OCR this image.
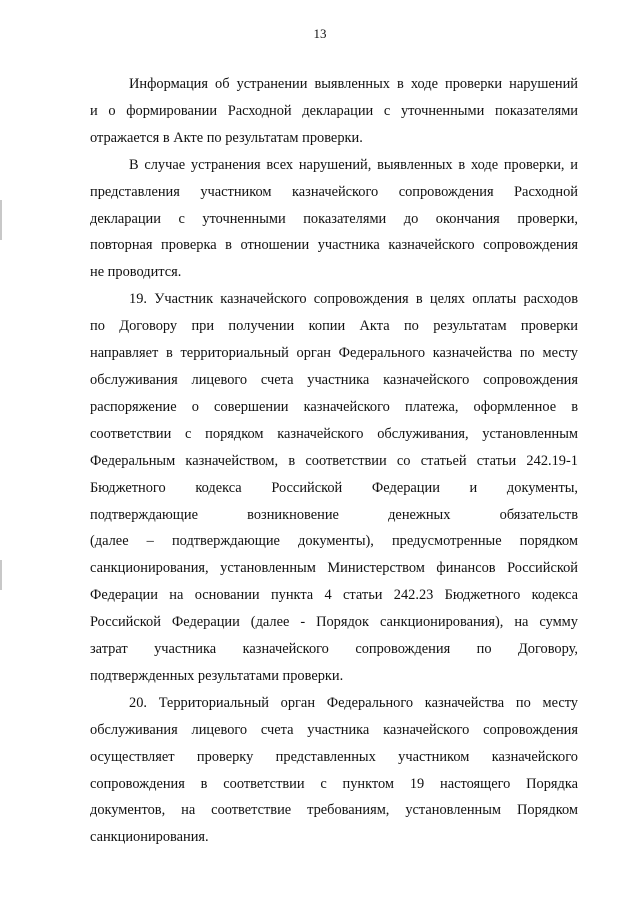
13
Информация об устранении выявленных в ходе проверки нарушений
и о формировании Расходной декларации с уточненными показателями
отражается в Акте по результатам проверки.
В случае устранения всех нарушений, выявленных в ходе проверки, и
представления участником казначейского сопровождения Расходной
декларации с уточненными показателями до окончания проверки,
повторная проверка в отношении участника казначейского сопровождения
не проводится.
19. Участник казначейского сопровождения в целях оплаты расходов
по Договору при получении копии Акта по результатам проверки
направляет в территориальный орган Федерального казначейства по месту
обслуживания лицевого счета участника казначейского сопровождения
распоряжение о совершении казначейского платежа, оформленное в
соответствии с порядком казначейского обслуживания, установленным
Федеральным казначейством, в соответствии со статьей статьи 242.19-1
Бюджетного кодекса Российской Федерации и документы,
подтверждающие возникновение денежных обязательств
(далее – подтверждающие документы), предусмотренные порядком
санкционирования, установленным Министерством финансов Российской
Федерации на основании пункта 4 статьи 242.23 Бюджетного кодекса
Российской Федерации (далее - Порядок санкционирования), на сумму
затрат участника казначейского сопровождения по Договору,
подтвержденных результатами проверки.
20. Территориальный орган Федерального казначейства по месту
обслуживания лицевого счета участника казначейского сопровождения
осуществляет проверку представленных участником казначейского
сопровождения в соответствии с пунктом 19 настоящего Порядка
документов, на соответствие требованиям, установленным Порядком
санкционирования.
